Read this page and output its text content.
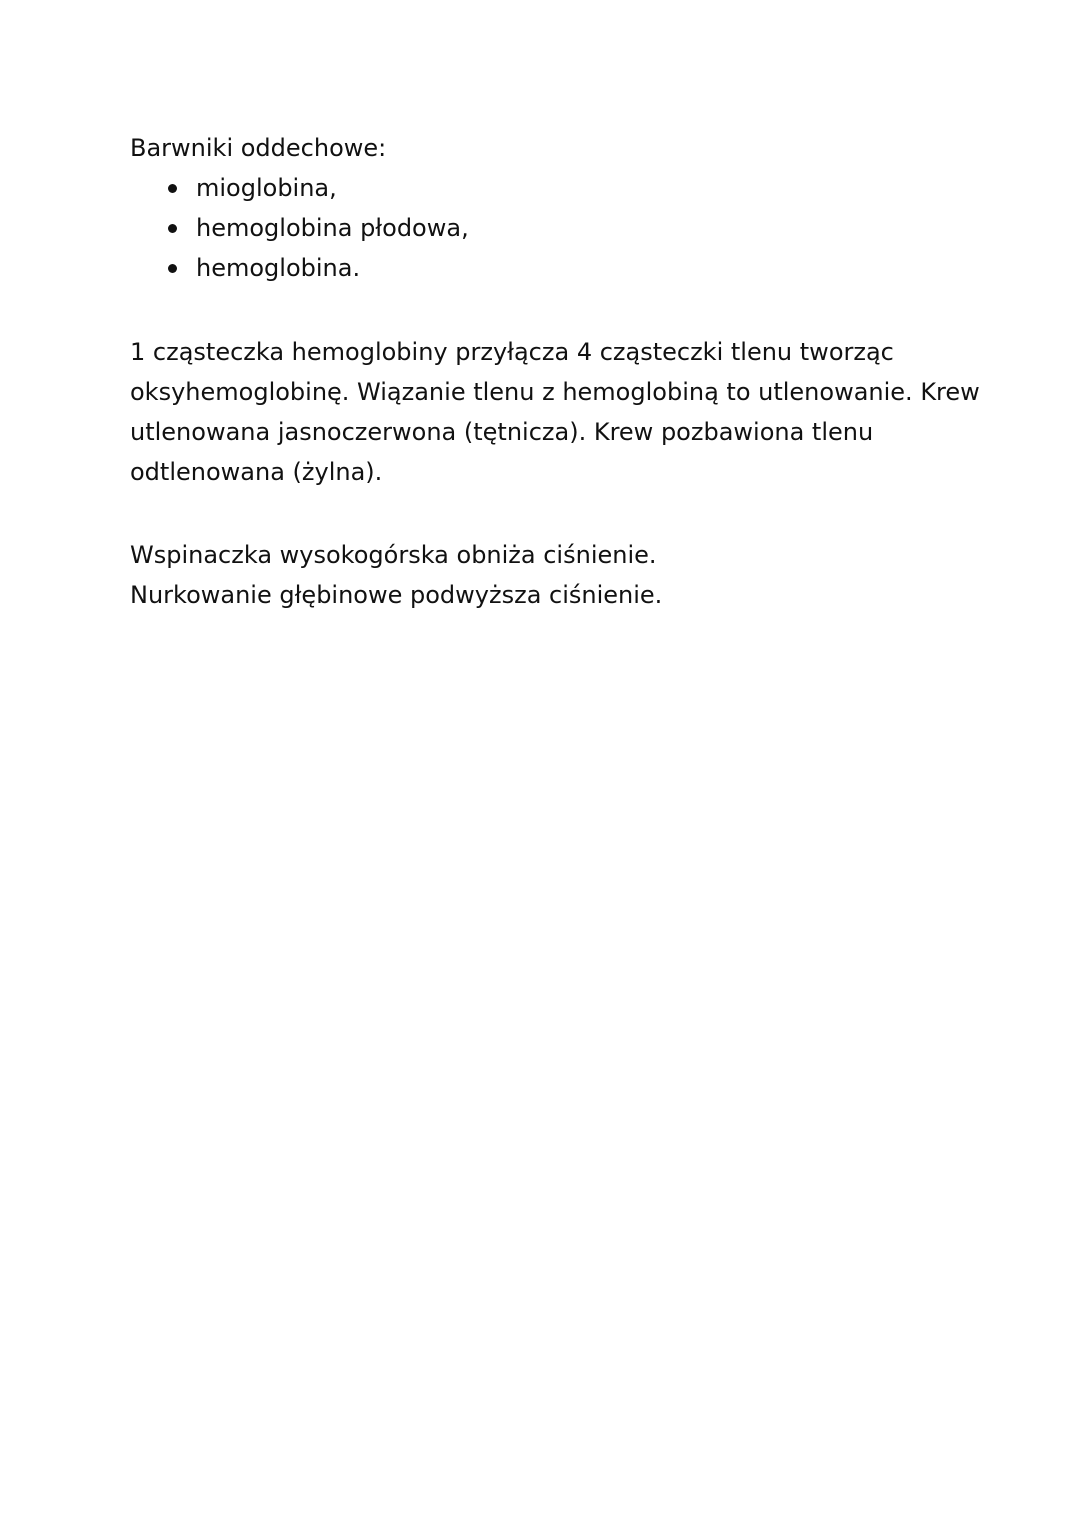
Barwniki oddechowe:
mioglobina,
hemoglobina płodowa,
hemoglobina.
1 cząsteczka hemoglobiny przyłącza 4 cząsteczki tlenu tworząc
oksyhemoglobinę. Wiązanie tlenu z hemoglobiną to utlenowanie. Krew
utlenowana jasnoczerwona (tętnicza). Krew pozbawiona tlenu
odtlenowana (żylna).
Wspinaczka wysokogórska obniża ciśnienie.
Nurkowanie głębinowe podwyższa ciśnienie.
